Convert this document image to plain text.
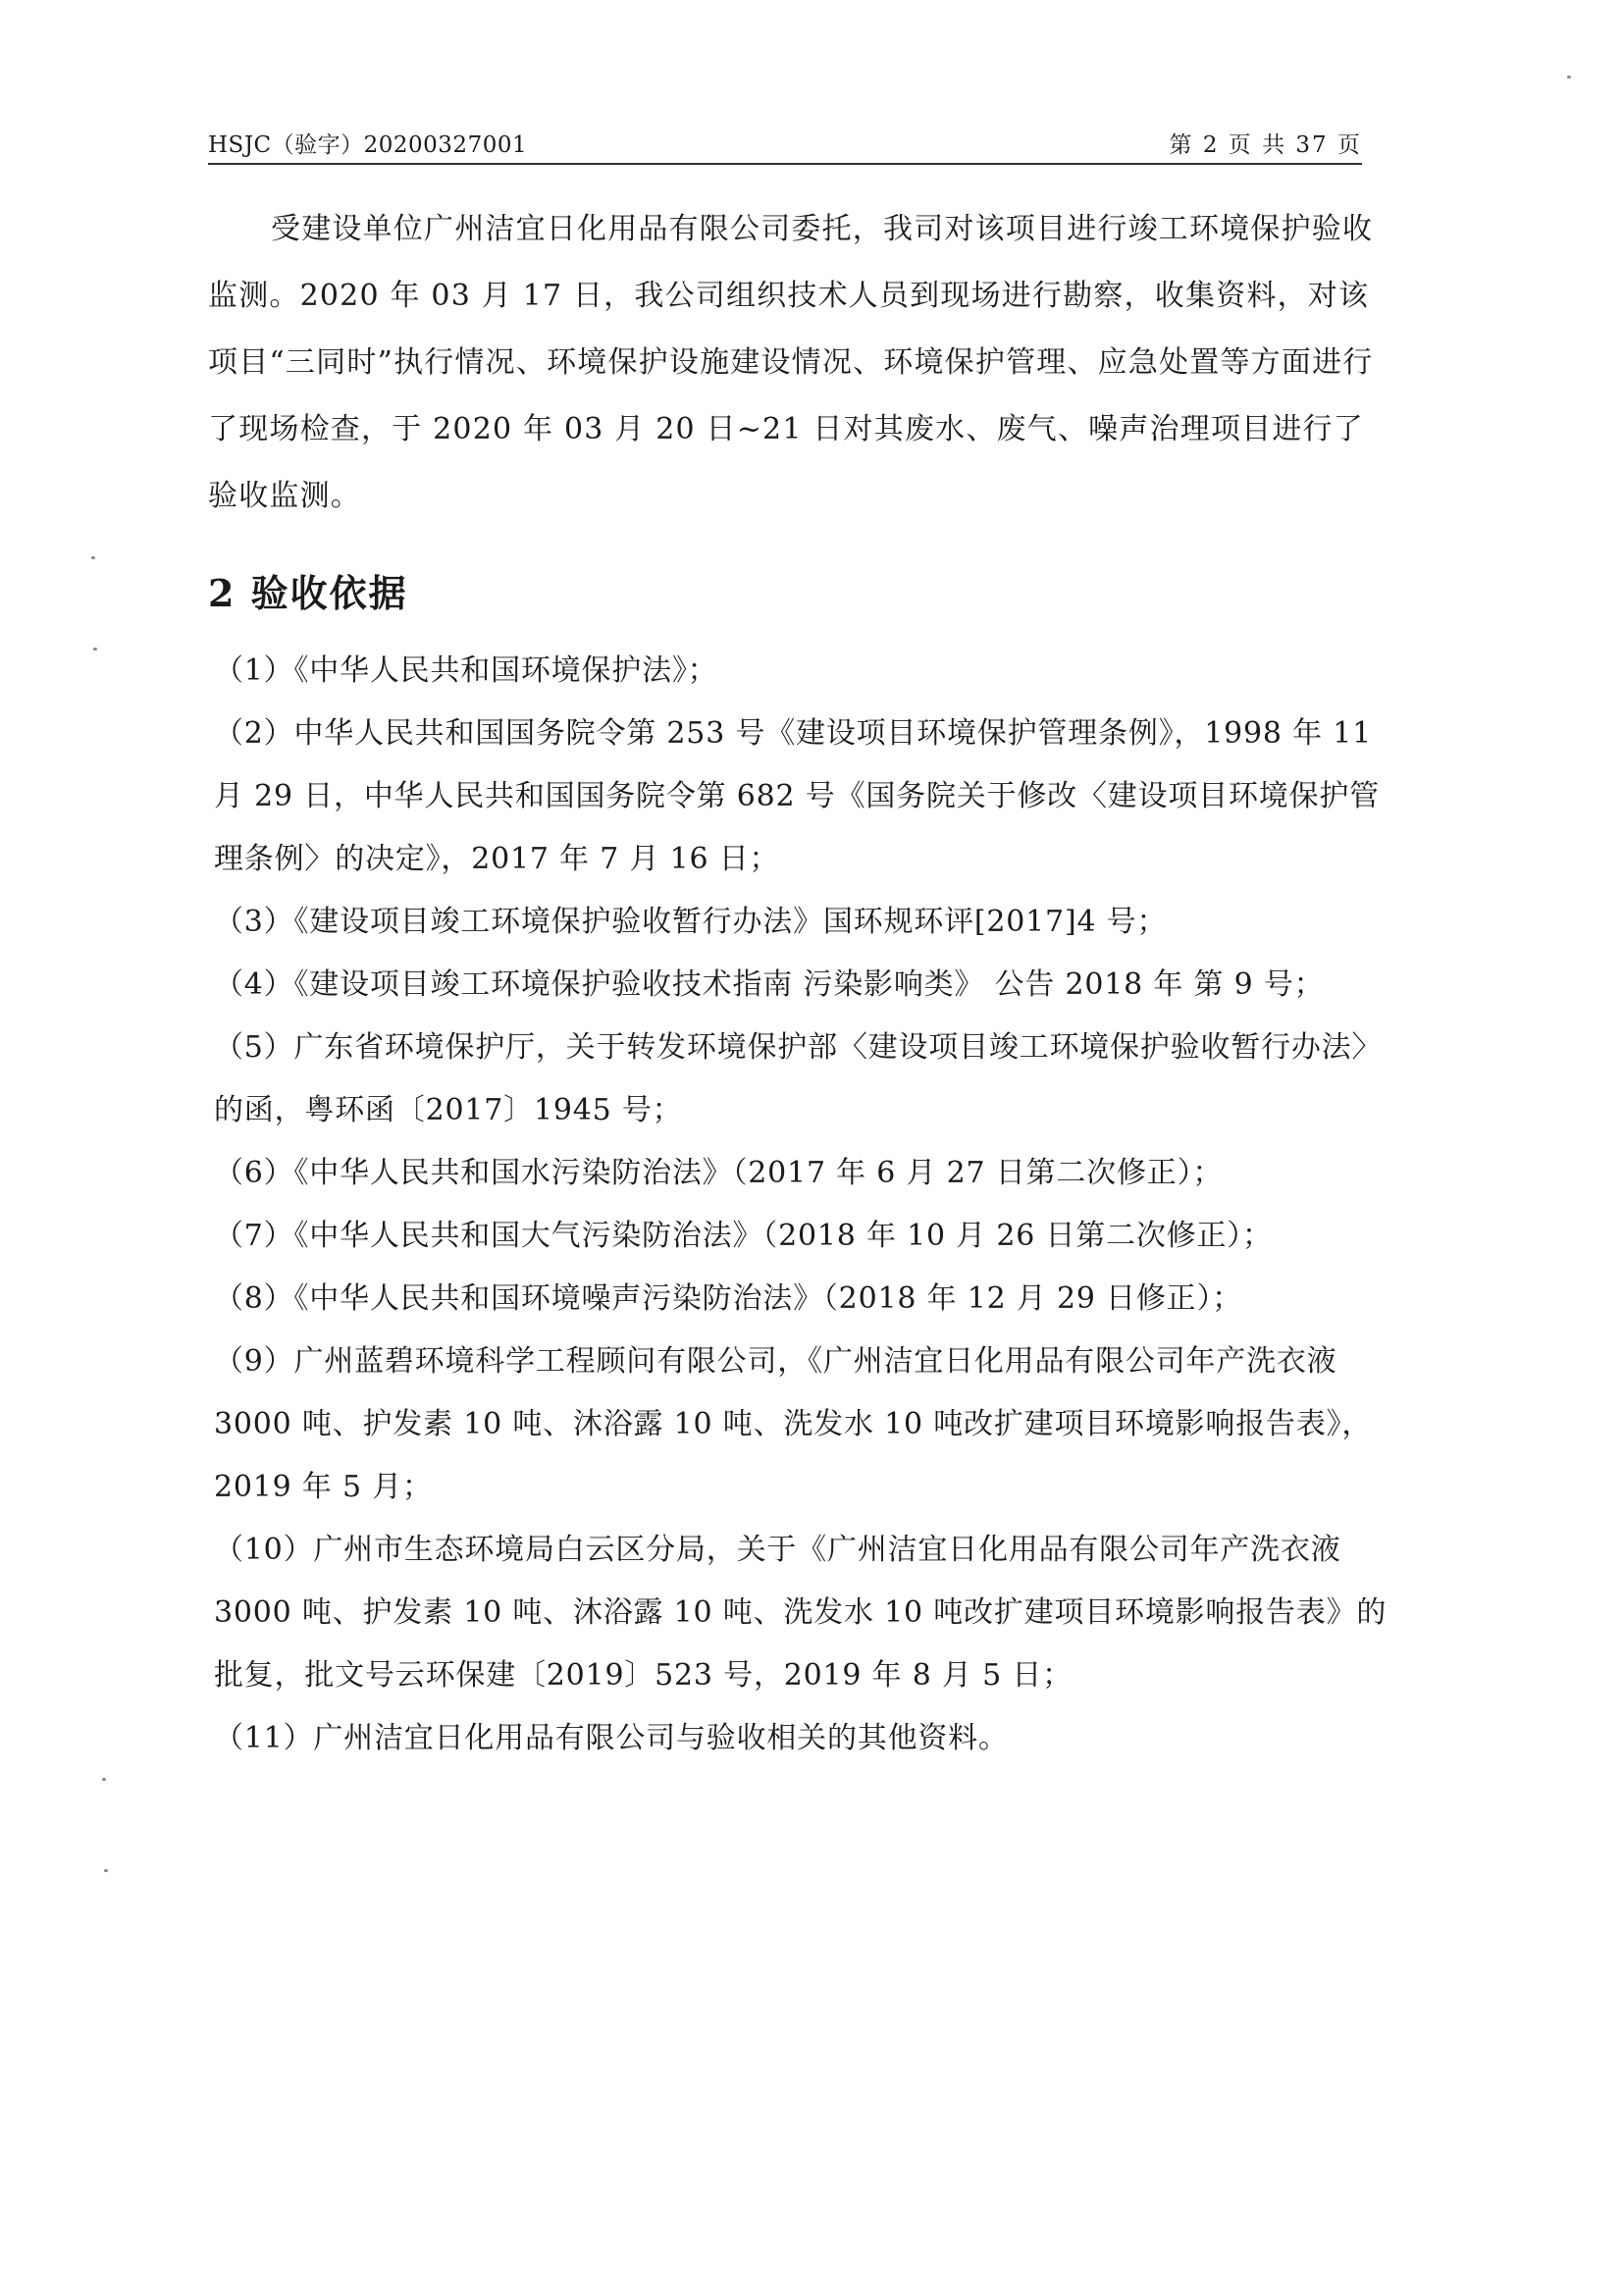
HSJC（验字）20200327001	第 2 页 共 37 页

受建设单位广州洁宜日化用品有限公司委托，我司对该项目进行竣工环境保护验收监测。2020 年 03 月 17 日，我公司组织技术人员到现场进行勘察，收集资料，对该项目“三同时”执行情况、环境保护设施建设情况、环境保护管理、应急处置等方面进行了现场检查，于 2020 年 03 月 20 日~21 日对其废水、废气、噪声治理项目进行了验收监测。

2 验收依据
（1）《中华人民共和国环境保护法》；
（2）中华人民共和国国务院令第 253 号《建设项目环境保护管理条例》，1998 年 11 月 29 日，中华人民共和国国务院令第 682 号《国务院关于修改〈建设项目环境保护管理条例〉的决定》，2017 年 7 月 16 日；
（3）《建设项目竣工环境保护验收暂行办法》国环规环评[2017]4 号；
（4）《建设项目竣工环境保护验收技术指南 污染影响类》 公告 2018 年 第 9 号；
（5）广东省环境保护厅，关于转发环境保护部〈建设项目竣工环境保护验收暂行办法〉的函，粤环函〔2017〕1945 号；
（6）《中华人民共和国水污染防治法》（2017 年 6 月 27 日第二次修正）；
（7）《中华人民共和国大气污染防治法》（2018 年 10 月 26 日第二次修正）；
（8）《中华人民共和国环境噪声污染防治法》（2018 年 12 月 29 日修正）；
（9）广州蓝碧环境科学工程顾问有限公司，《广州洁宜日化用品有限公司年产洗衣液 3000 吨、护发素 10 吨、沐浴露 10 吨、洗发水 10 吨改扩建项目环境影响报告表》，2019 年 5 月；
（10）广州市生态环境局白云区分局，关于《广州洁宜日化用品有限公司年产洗衣液 3000 吨、护发素 10 吨、沐浴露 10 吨、洗发水 10 吨改扩建项目环境影响报告表》的批复，批文号云环保建〔2019〕523 号，2019 年 8 月 5 日；
（11）广州洁宜日化用品有限公司与验收相关的其他资料。
